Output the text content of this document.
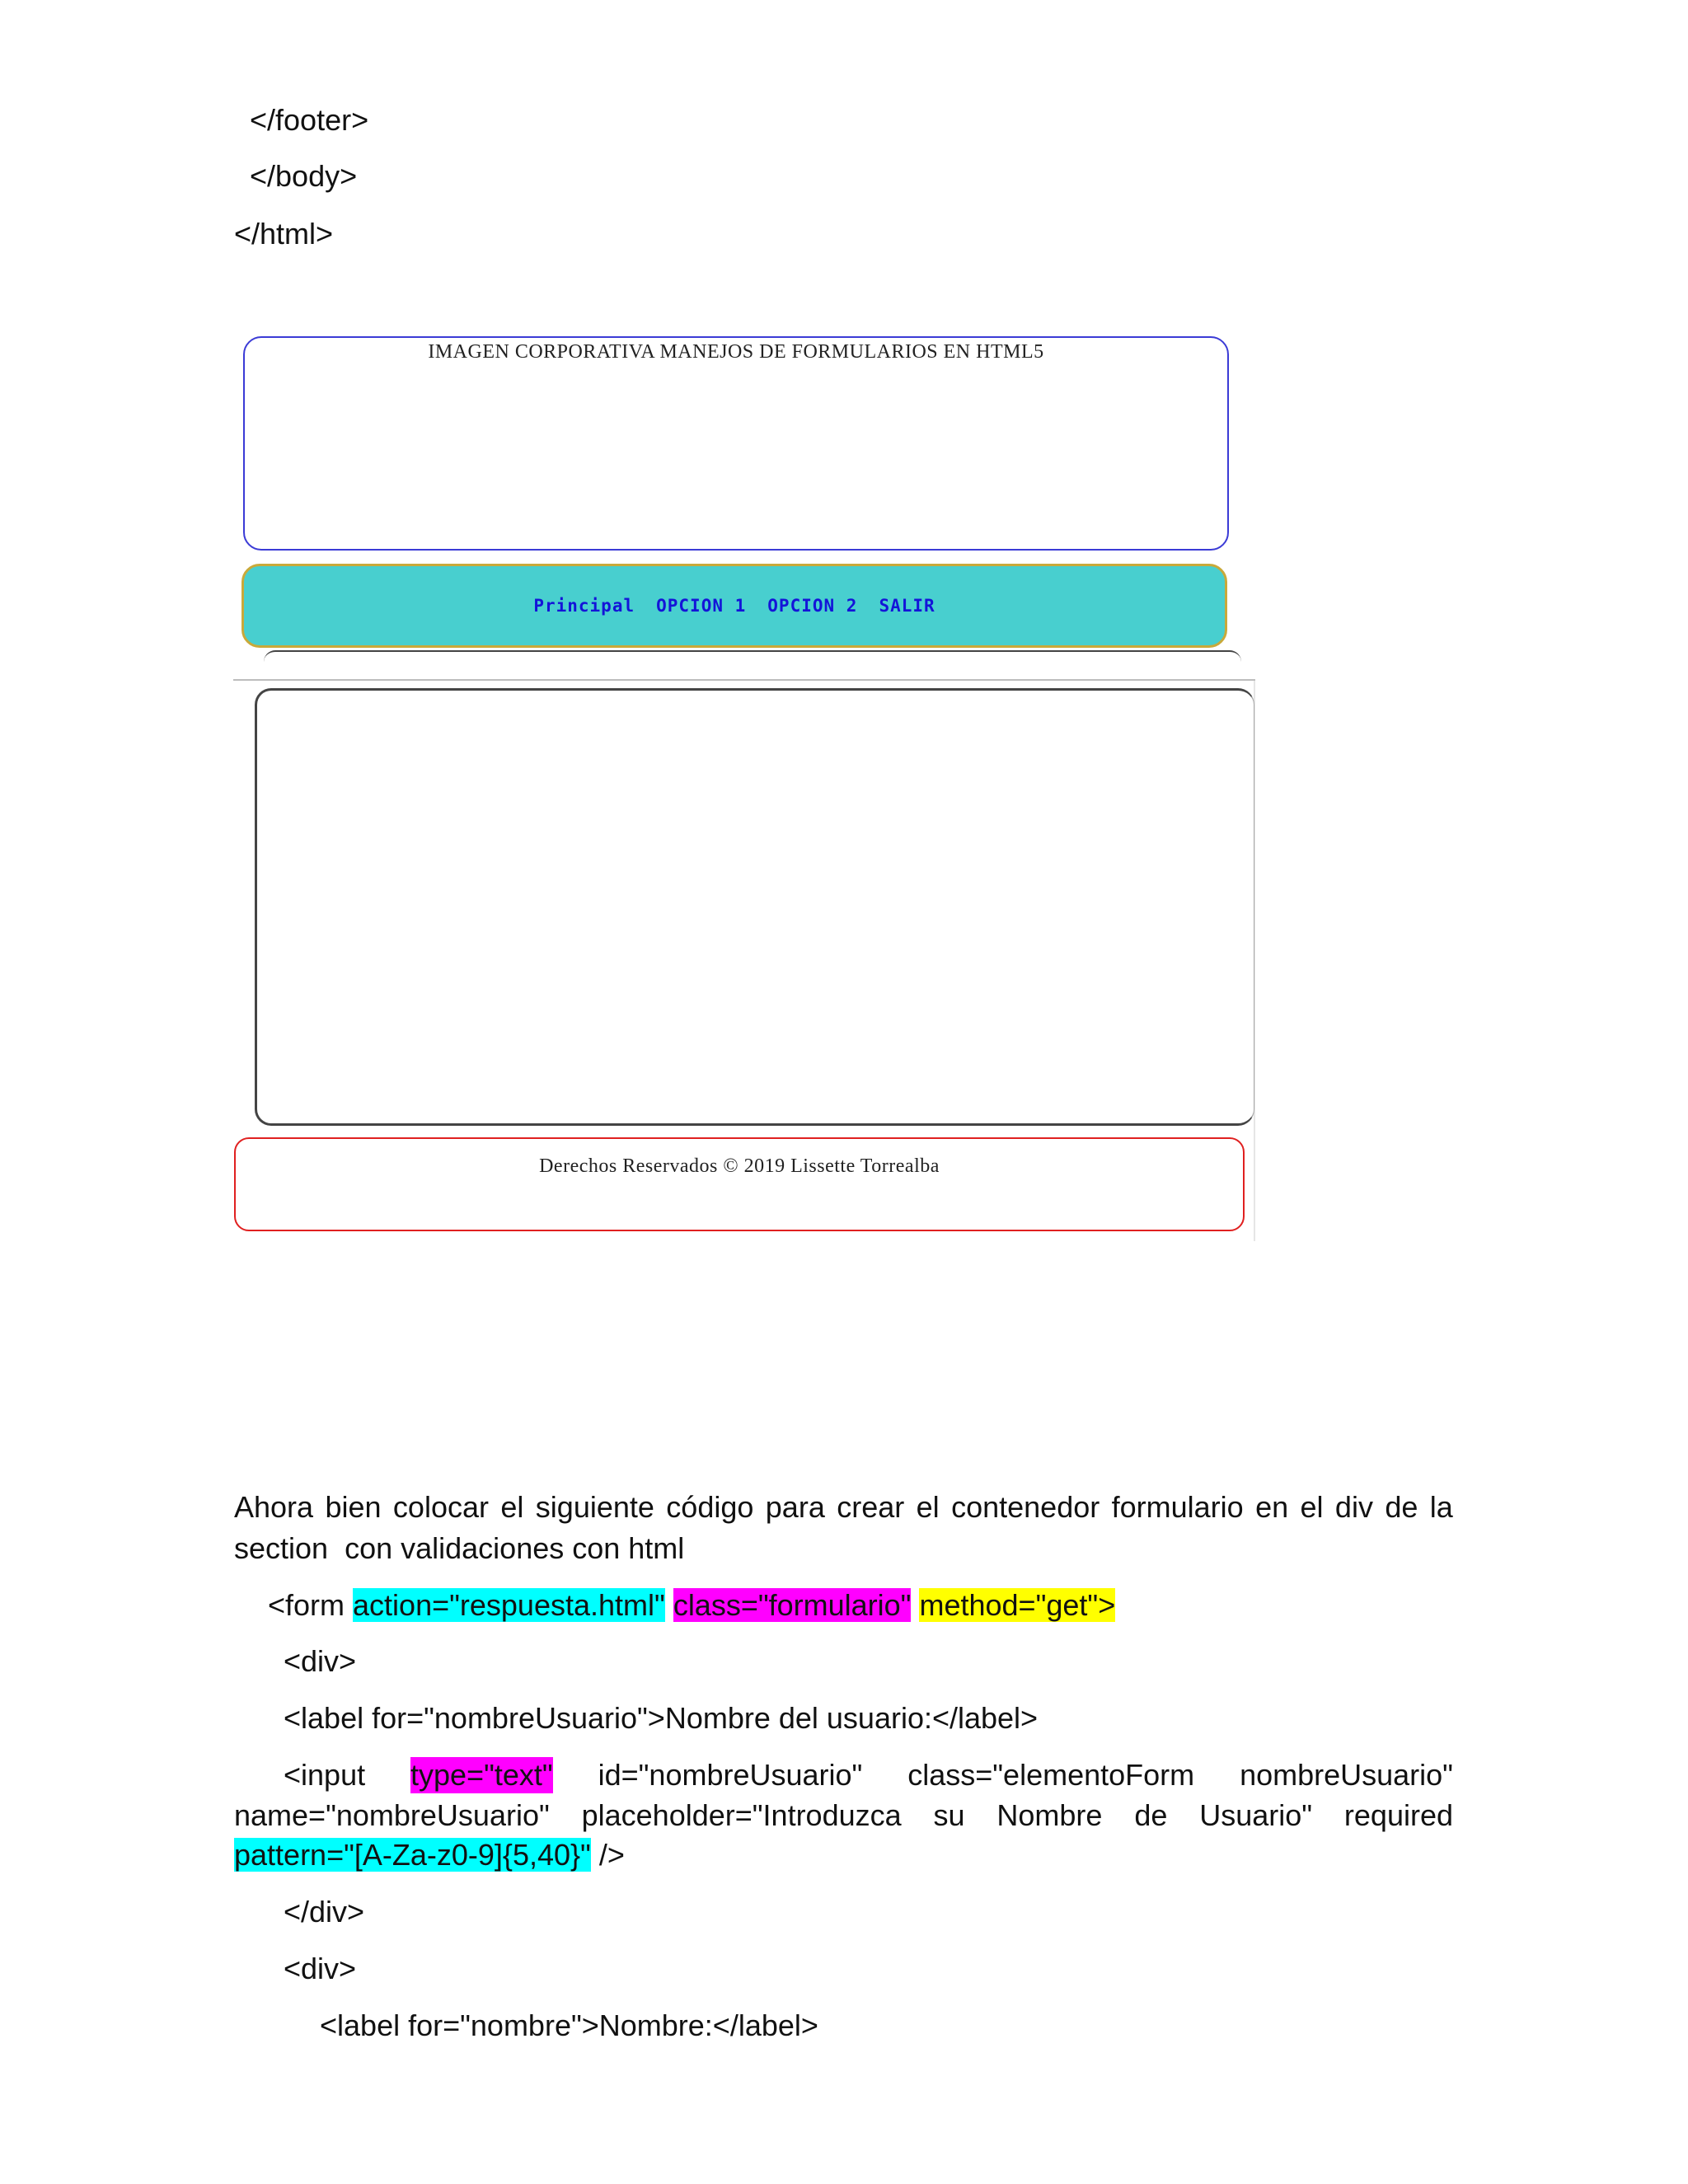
</footer>
</body>
</html>
IMAGEN CORPORATIVA MANEJOS DE FORMULARIOS EN HTML5
Principal OPCION 1 OPCION 2 SALIR
Derechos Reservados © 2019 Lissette Torrealba
Ahora bien colocar el siguiente código para crear el contenedor formulario en el div de la
section  con validaciones con html
<form action="respuesta.html" class="formulario" method="get">
<div>
<label for="nombreUsuario">Nombre del usuario:</label>
<input type="text" id="nombreUsuario" class="elementoForm nombreUsuario"
name="nombreUsuario" placeholder="Introduzca su Nombre de Usuario" required
pattern="[A-Za-z0-9]{5,40}" />
</div>
<div>
<label for="nombre">Nombre:</label>
